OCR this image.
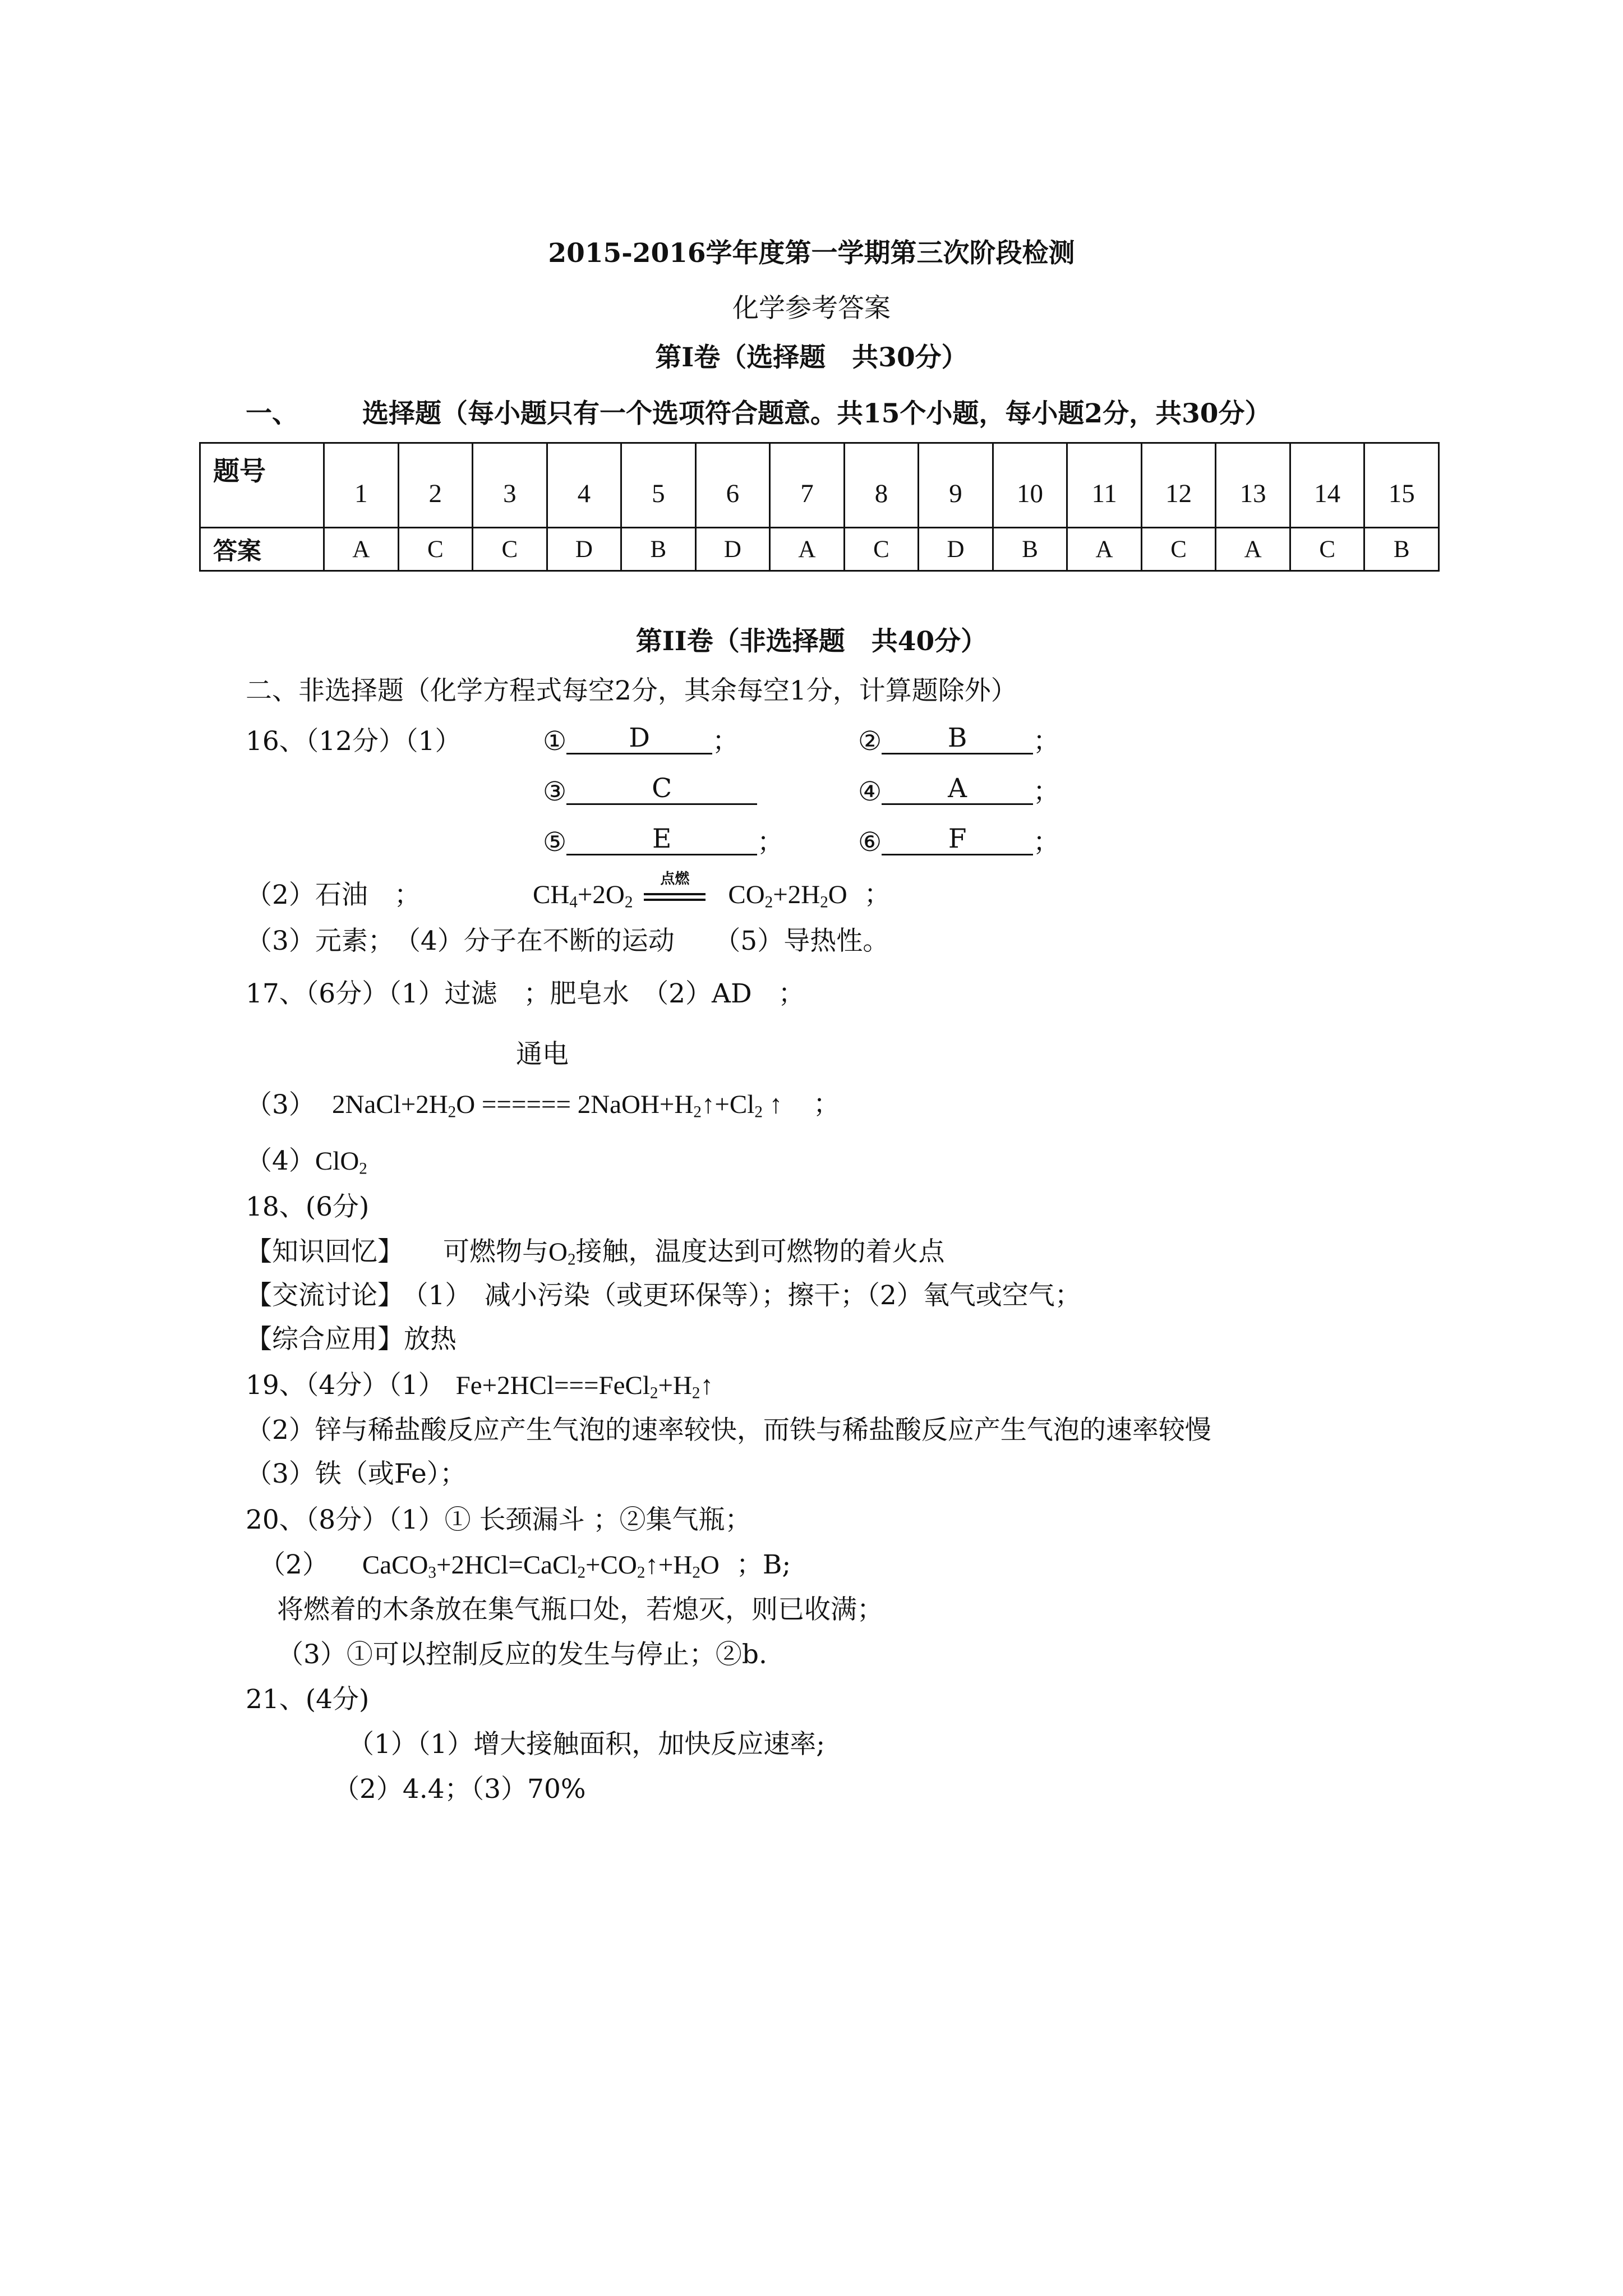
2015-2016学年度第一学期第三次阶段检测
化学参考答案
第I卷（选择题　共30分）
一、 选择题（每小题只有一个选项符合题意。共15个小题，每小题2分，共30分）
题号	1	2	3	4	5	6	7	8	9	10	11	12	13	14	15
答案	A	C	C	D	B	D	A	C	D	B	A	C	A	C	B
第II卷（非选择题　共40分）
二、非选择题（化学方程式每空2分，其余每空1分，计算题除外）
16、（12分）（1）	① D ；	②	B	；
③	C	④	A	；
⑤	E	；	⑥	F	；
（2）石油　；	$CH_4+2O_2$
点燃
$CO_2+2H_2O$ ；
（3）元素；　（4）分子在不断的运动　　（5）导热性。
17、（6分）（1）过滤　；肥皂水　（2）AD　；
通电
（3） $2NaCl+2H_2O$ ====== $2NaOH+H_2↑+Cl_2$ ↑ ；
（4）ClO$_2$
18、(6分)
【知识回忆】 可燃物与$O_2$接触，温度达到可燃物的着火点
【交流讨论】 （1）　减小污染（或更环保等）；擦干；（2）氧气或空气；
【综合应用】放热
19、（4分）（1） $Fe+2HCl===FeCl_2+H_2↑$
（2）锌与稀盐酸反应产生气泡的速率较快，而铁与稀盐酸反应产生气泡的速率较慢
（3）铁（或Fe）；
20、（8分）（1）① 长颈漏斗 ；②集气瓶；
（2） $CaCO_3+2HCl=CaCl_2+CO_2↑+H_2O$ ；B;
将燃着的木条放在集气瓶口处，若熄灭，则已收满；
（3）①可以控制反应的发生与停止；②b.
21、(4分)
（1）（1）增大接触面积，加快反应速率;
（2）4.4；（3）70%
